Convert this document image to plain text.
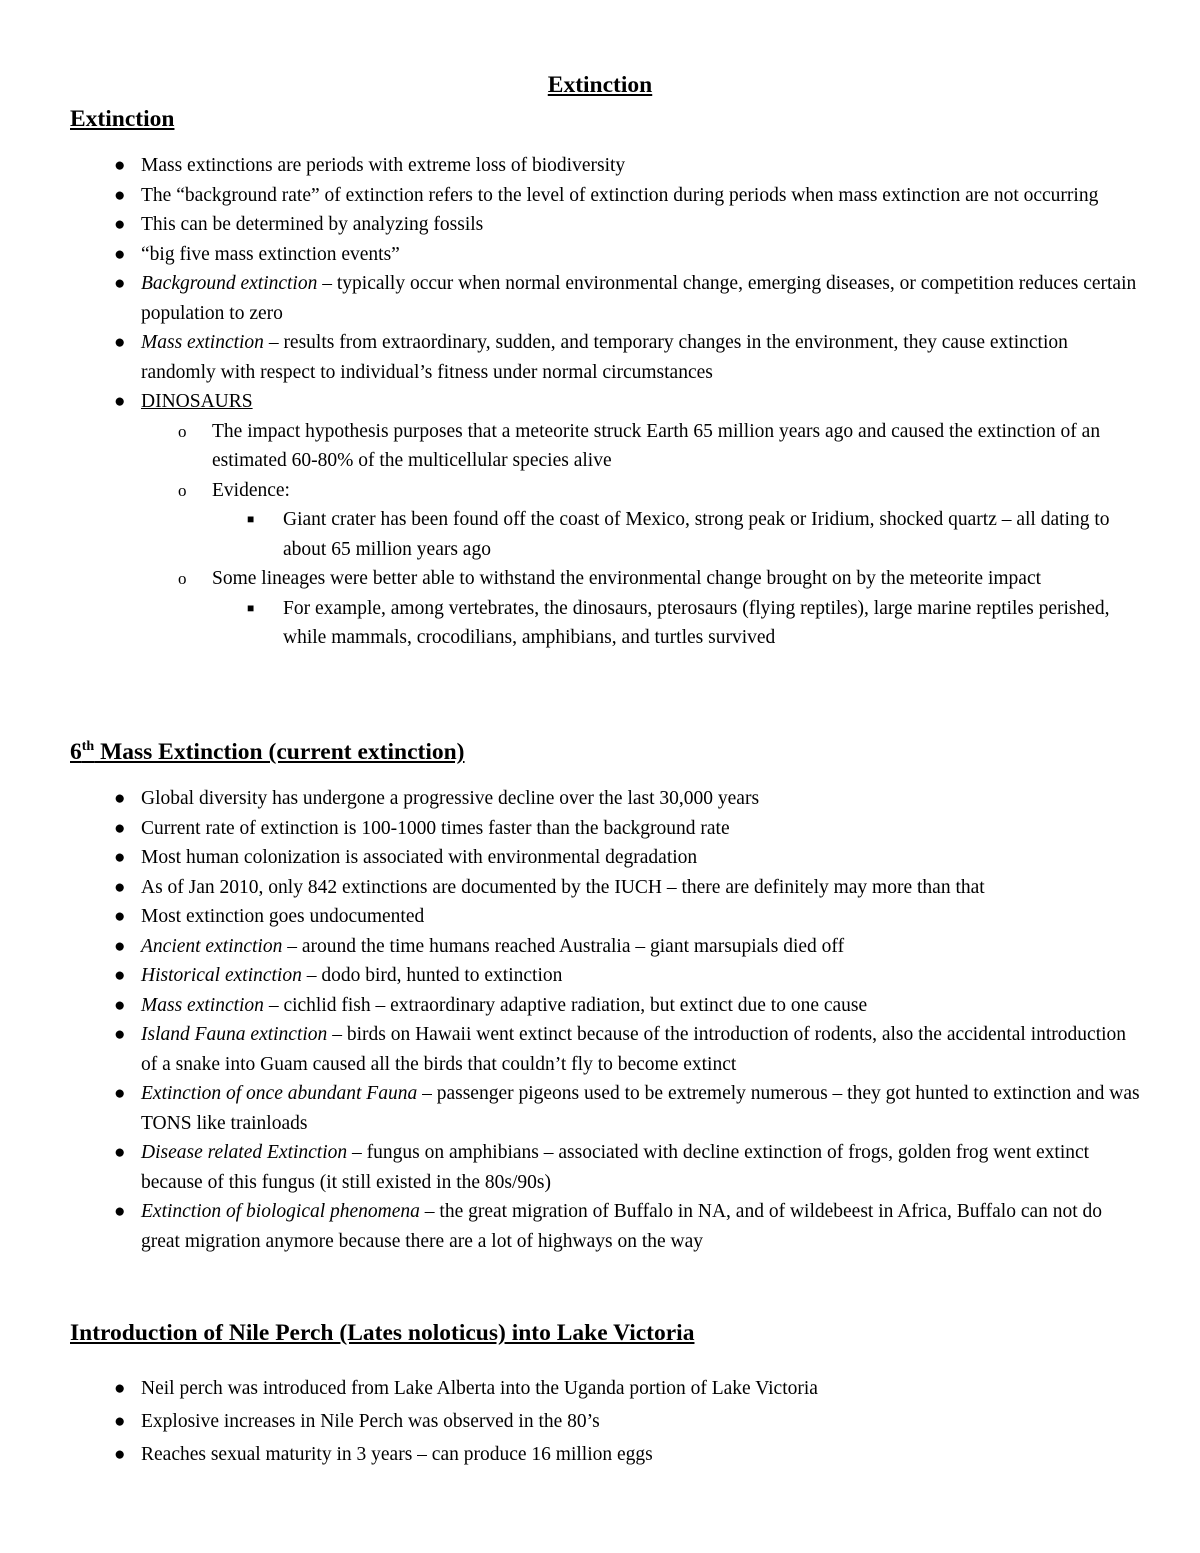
Extinction
Extinction
● Mass extinctions are periods with extreme loss of biodiversity
● The “background rate” of extinction refers to the level of extinction during periods when mass extinction are not occurring
● This can be determined by analyzing fossils
● “big five mass extinction events”
● Background extinction – typically occur when normal environmental change, emerging diseases, or competition reduces certain population to zero
● Mass extinction – results from extraordinary, sudden, and temporary changes in the environment, they cause extinction randomly with respect to individual’s fitness under normal circumstances
● DINOSAURS
o The impact hypothesis purposes that a meteorite struck Earth 65 million years ago and caused the extinction of an estimated 60-80% of the multicellular species alive
o Evidence:
■ Giant crater has been found off the coast of Mexico, strong peak or Iridium, shocked quartz – all dating to about 65 million years ago
o Some lineages were better able to withstand the environmental change brought on by the meteorite impact
■ For example, among vertebrates, the dinosaurs, pterosaurs (flying reptiles), large marine reptiles perished, while mammals, crocodilians, amphibians, and turtles survived
6th Mass Extinction (current extinction)
● Global diversity has undergone a progressive decline over the last 30,000 years
● Current rate of extinction is 100-1000 times faster than the background rate
● Most human colonization is associated with environmental degradation
● As of Jan 2010, only 842 extinctions are documented by the IUCH – there are definitely may more than that
● Most extinction goes undocumented
● Ancient extinction – around the time humans reached Australia – giant marsupials died off
● Historical extinction – dodo bird, hunted to extinction
● Mass extinction – cichlid fish – extraordinary adaptive radiation, but extinct due to one cause
● Island Fauna extinction – birds on Hawaii went extinct because of the introduction of rodents, also the accidental introduction of a snake into Guam caused all the birds that couldn’t fly to become extinct
● Extinction of once abundant Fauna – passenger pigeons used to be extremely numerous – they got hunted to extinction and was TONS like trainloads
● Disease related Extinction – fungus on amphibians – associated with decline extinction of frogs, golden frog went extinct because of this fungus (it still existed in the 80s/90s)
● Extinction of biological phenomena – the great migration of Buffalo in NA, and of wildebeest in Africa, Buffalo can not do great migration anymore because there are a lot of highways on the way
Introduction of Nile Perch (Lates noloticus) into Lake Victoria
● Neil perch was introduced from Lake Alberta into the Uganda portion of Lake Victoria
● Explosive increases in Nile Perch was observed in the 80’s
● Reaches sexual maturity in 3 years – can produce 16 million eggs
